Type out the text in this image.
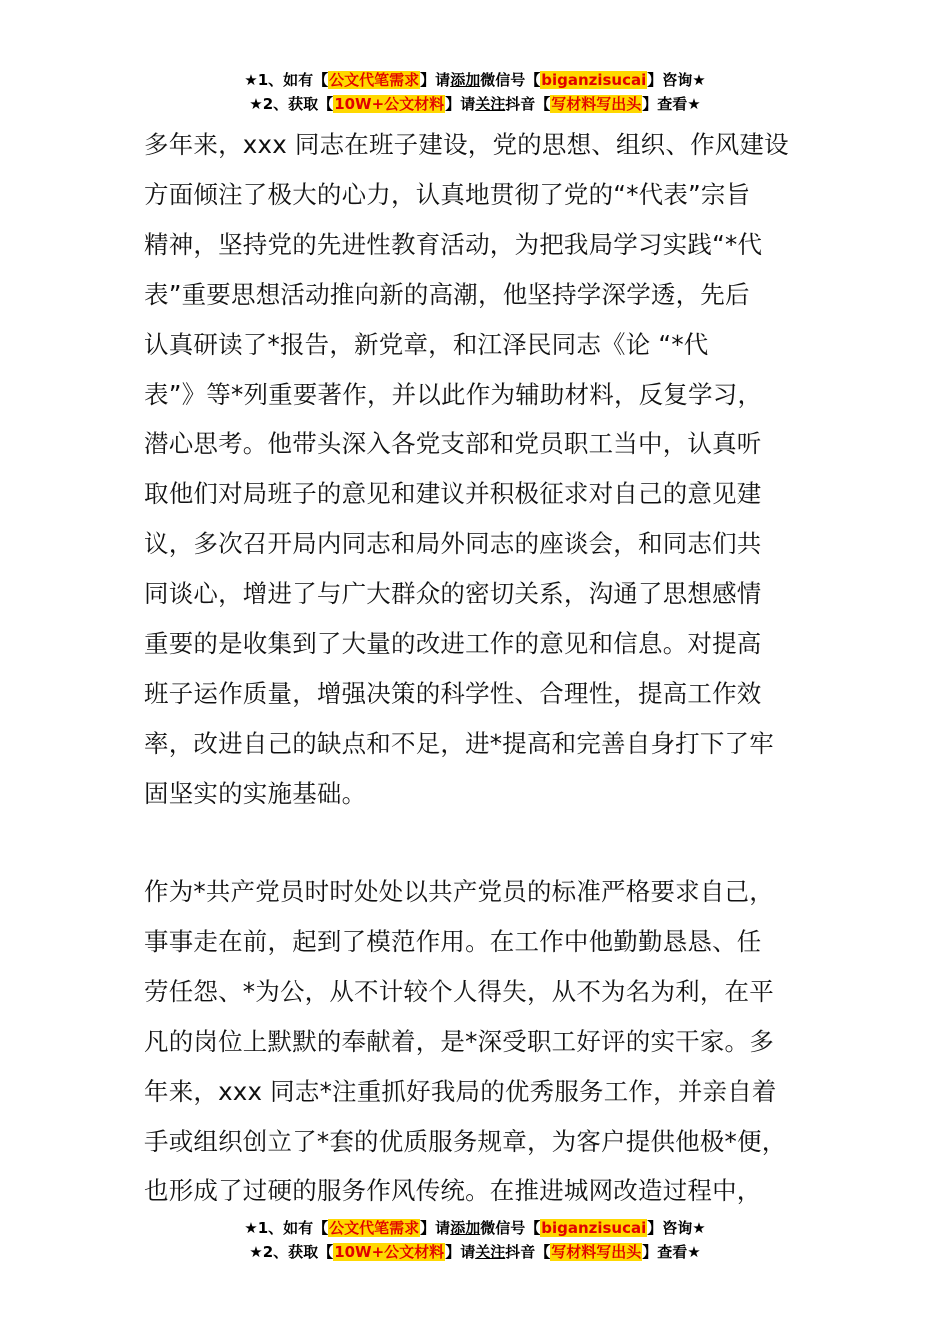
★1、如有【公文代笔需求】请添加微信号【biganzisucai】咨询★
★2、获取【10W+公文材料】请关注抖音【写材料写出头】查看★
多年来，xxx 同志在班子建设，党的思想、组织、作风建设
方面倾注了极大的心力，认真地贯彻了党的“*代表”宗旨
精神，坚持党的先进性教育活动，为把我局学习实践“*代
表”重要思想活动推向新的高潮，他坚持学深学透，先后
认真研读了*报告，新党章，和江泽民同志《论 “*代
表”》等*列重要著作，并以此作为辅助材料，反复学习，
潜心思考。他带头深入各党支部和党员职工当中，认真听
取他们对局班子的意见和建议并积极征求对自己的意见建
议，多次召开局内同志和局外同志的座谈会，和同志们共
同谈心，增进了与广大群众的密切关系，沟通了思想感情
重要的是收集到了大量的改进工作的意见和信息。对提高
班子运作质量，增强决策的科学性、合理性，提高工作效
率，改进自己的缺点和不足，进*提高和完善自身打下了牢
固坚实的实施基础。
作为*共产党员时时处处以共产党员的标准严格要求自己，
事事走在前，起到了模范作用。在工作中他勤勤恳恳、任
劳任怨、*为公，从不计较个人得失，从不为名为利，在平
凡的岗位上默默的奉献着，是*深受职工好评的实干家。多
年来，xxx 同志*注重抓好我局的优秀服务工作，并亲自着
手或组织创立了*套的优质服务规章，为客户提供他极*便，
也形成了过硬的服务作风传统。在推进城网改造过程中，
★1、如有【公文代笔需求】请添加微信号【biganzisucai】咨询★
★2、获取【10W+公文材料】请关注抖音【写材料写出头】查看★
